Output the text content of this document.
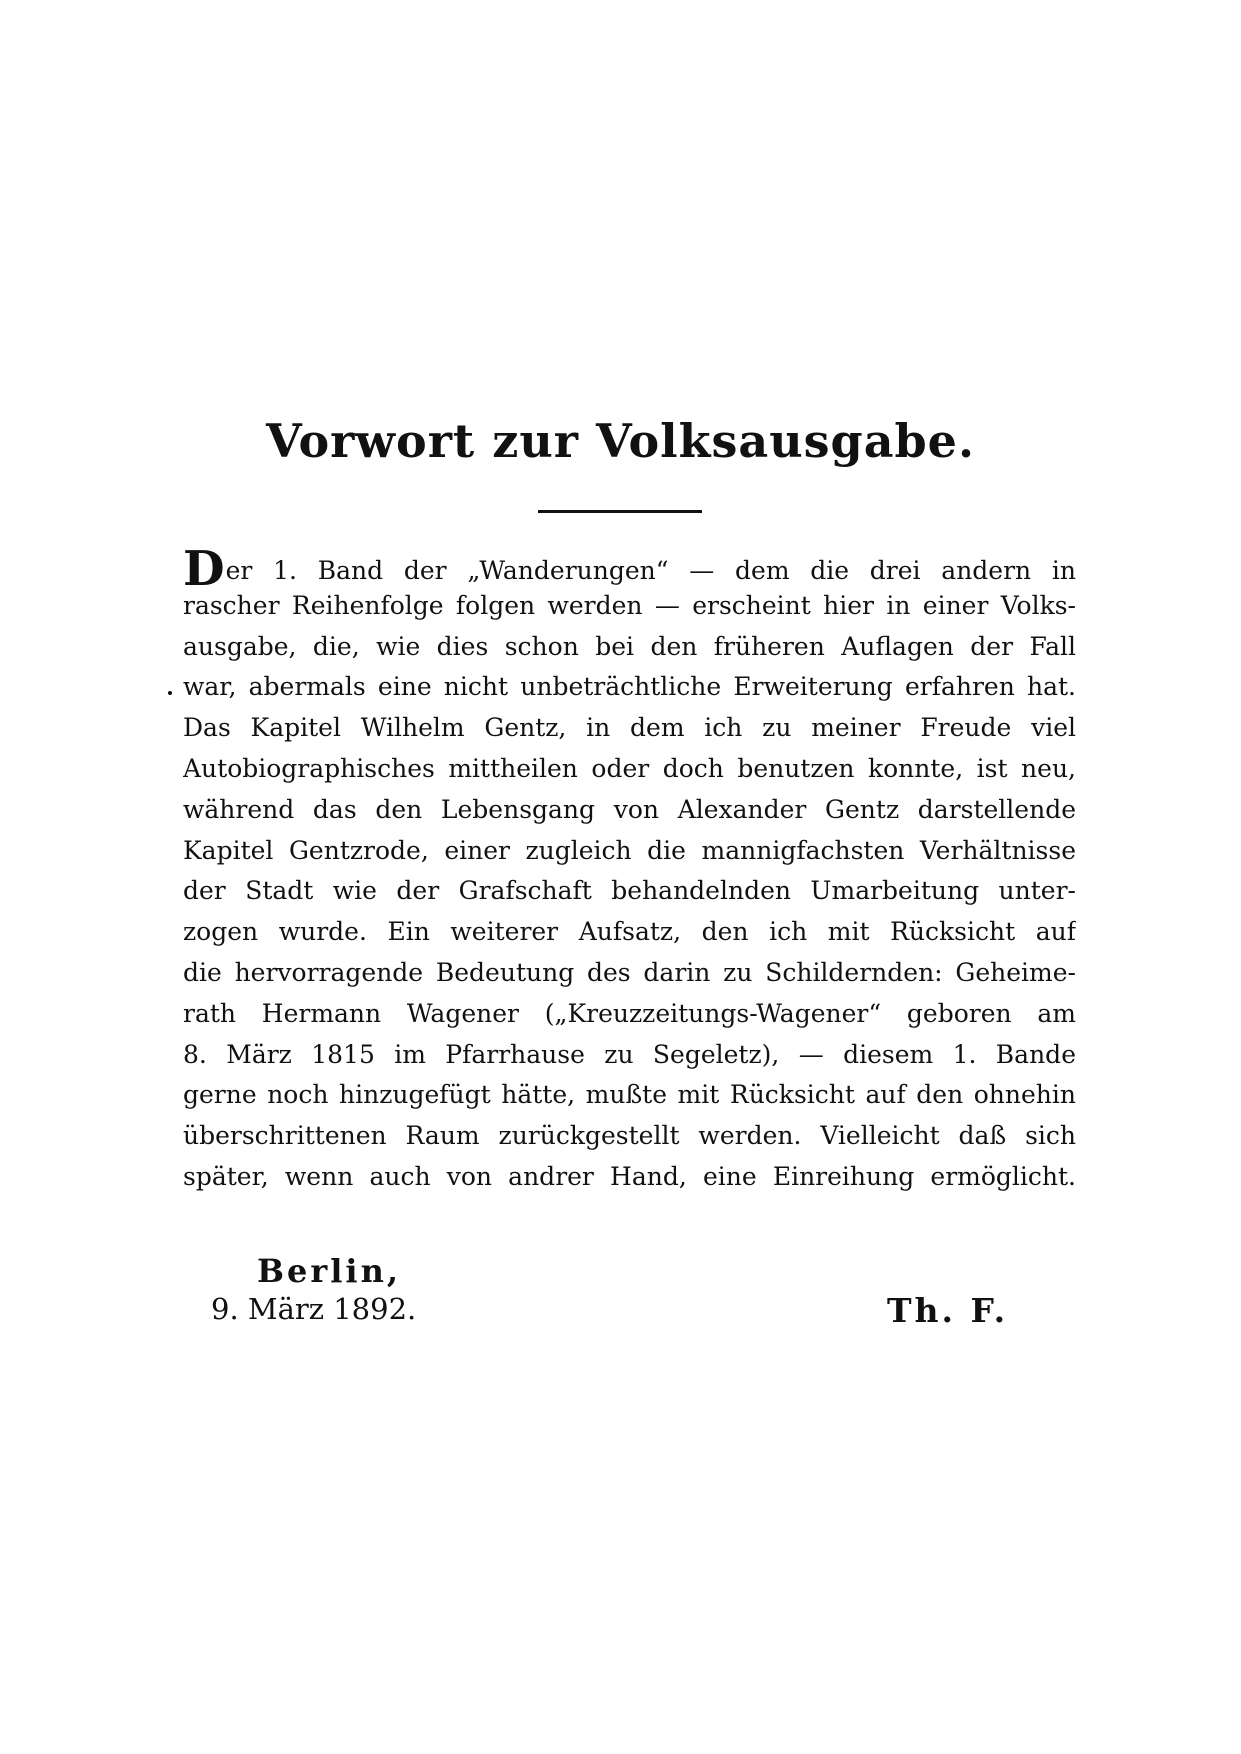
Vorwort zur Volksausgabe.
Der 1. Band der „Wanderungen“ — dem die drei andern in
rascher Reihenfolge folgen werden — erscheint hier in einer Volks-
ausgabe, die, wie dies schon bei den früheren Auflagen der Fall
war, abermals eine nicht unbeträchtliche Erweiterung erfahren hat.
Das Kapitel Wilhelm Gentz, in dem ich zu meiner Freude viel
Autobiographisches mittheilen oder doch benutzen konnte, ist neu,
während das den Lebensgang von Alexander Gentz darstellende
Kapitel Gentzrode, einer zugleich die mannigfachsten Verhältnisse
der Stadt wie der Grafschaft behandelnden Umarbeitung unter-
zogen wurde. Ein weiterer Aufsatz, den ich mit Rücksicht auf
die hervorragende Bedeutung des darin zu Schildernden: Geheime-
rath Hermann Wagener („Kreuzzeitungs-Wagener“ geboren am
8. März 1815 im Pfarrhause zu Segeletz), — diesem 1. Bande
gerne noch hinzugefügt hätte, mußte mit Rücksicht auf den ohnehin
überschrittenen Raum zurückgestellt werden. Vielleicht daß sich
später, wenn auch von andrer Hand, eine Einreihung ermöglicht.

Berlin,

9. März 1892.	Th. F.
